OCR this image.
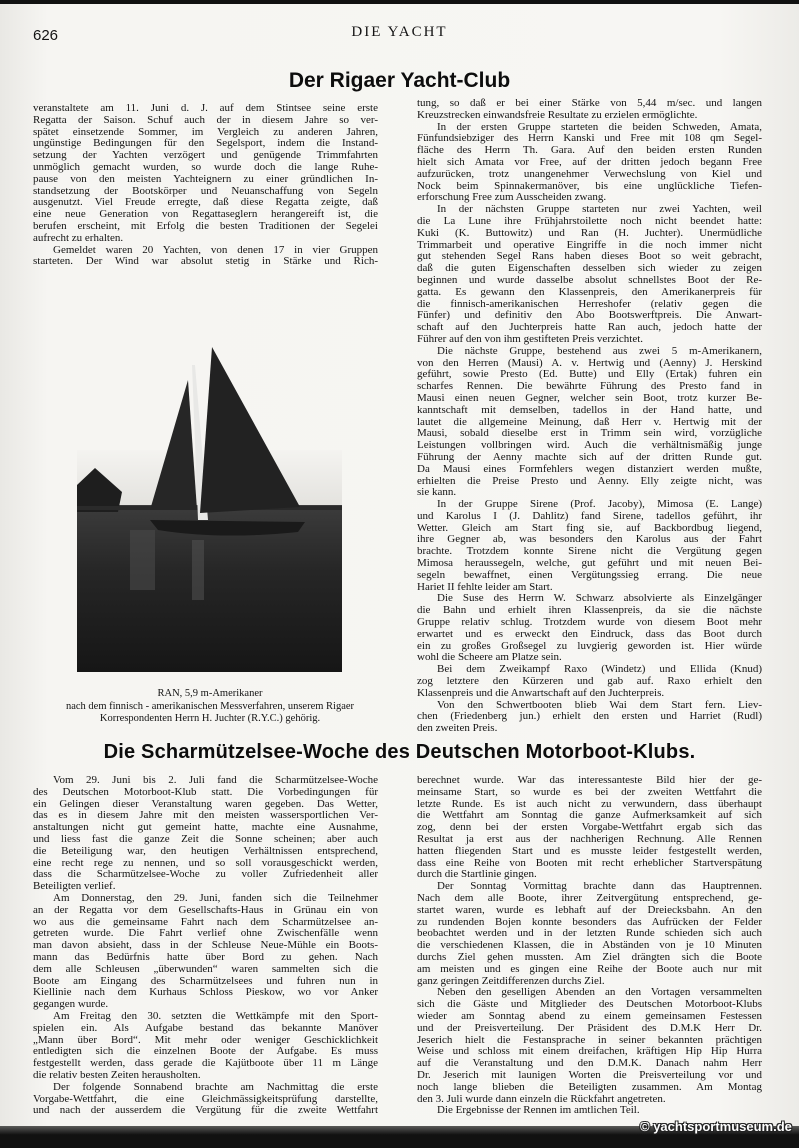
626	DIE YACHT
Der Rigaer Yacht-Club
veranstaltete am 11. Juni d. J. auf dem Stintsee seine erste
Regatta der Saison. Schuf auch der in diesem Jahre so ver-
spätet einsetzende Sommer, im Vergleich zu anderen Jahren,
ungünstige Bedingungen für den Segelsport, indem die Instand-
setzung der Yachten verzögert und genügende Trimmfahrten
unmöglich gemacht wurden, so wurde doch die lange Ruhe-
pause von den meisten Yachteignern zu einer gründlichen In-
standsetzung der Bootskörper und Neuanschaffung von Segeln
ausgenutzt. Viel Freude erregte, daß diese Regatta zeigte, daß
eine neue Generation von Regattaseglern herangereift ist, die
berufen erscheint, mit Erfolg die besten Traditionen der Segelei
aufrecht zu erhalten.
Gemeldet waren 20 Yachten, von denen 17 in vier Gruppen
starteten. Der Wind war absolut stetig in Stärke und Rich-
tung, so daß er bei einer Stärke von 5,44 m/sec. und langen
Kreuzstrecken einwandsfreie Resultate zu erzielen ermöglichte.
In der ersten Gruppe starteten die beiden Schweden, Amata,
Fünfundsiebziger des Herrn Kanski und Free mit 108 qm Segel-
fläche des Herrn Th. Gara. Auf den beiden ersten Runden
hielt sich Amata vor Free, auf der dritten jedoch begann Free
aufzurücken, trotz unangenehmer Verwechslung von Kiel und
Nock beim Spinnakermanöver, bis eine unglückliche Tiefen-
erforschung Free zum Ausscheiden zwang.
In der nächsten Gruppe starteten nur zwei Yachten, weil
die La Lune ihre Frühjahrstoilette noch nicht beendet hatte:
Kuki (K. Buttowitz) und Ran (H. Juchter). Unermüdliche
Trimmarbeit und operative Eingriffe in die noch immer nicht
gut stehenden Segel Rans haben dieses Boot so weit gebracht,
daß die guten Eigenschaften desselben sich wieder zu zeigen
beginnen und wurde dasselbe absolut schnellstes Boot der Re-
gatta. Es gewann den Klassenpreis, den Amerikanerpreis für
die finnisch-amerikanischen Herreshofer (relativ gegen die
Fünfer) und definitiv den Abo Bootswerftpreis. Die Anwart-
schaft auf den Juchterpreis hatte Ran auch, jedoch hatte der
Führer auf den von ihm gestifteten Preis verzichtet.
Die nächste Gruppe, bestehend aus zwei 5 m-Amerikanern,
von den Herren (Mausi) A. v. Hertwig und (Aenny) J. Herskind
geführt, sowie Presto (Ed. Butte) und Elly (Ertak) fuhren ein
scharfes Rennen. Die bewährte Führung des Presto fand in
Mausi einen neuen Gegner, welcher sein Boot, trotz kurzer Be-
kanntschaft mit demselben, tadellos in der Hand hatte, und
lautet die allgemeine Meinung, daß Herr v. Hertwig mit der
Mausi, sobald dieselbe erst in Trimm sein wird, vorzügliche
Leistungen vollbringen wird. Auch die verhältnismäßig junge
Führung der Aenny machte sich auf der dritten Runde gut.
Da Mausi eines Formfehlers wegen distanziert werden mußte,
erhielten die Preise Presto und Aenny. Elly zeigte nicht, was
sie kann.
In der Gruppe Sirene (Prof. Jacoby), Mimosa (E. Lange)
und Karolus I (J. Dahlitz) fand Sirene, tadellos geführt, ihr
Wetter. Gleich am Start fing sie, auf Backbordbug liegend,
ihre Gegner ab, was besonders den Karolus aus der Fahrt
brachte. Trotzdem konnte Sirene nicht die Vergütung gegen
Mimosa heraussegeln, welche, gut geführt und mit neuen Bei-
segeln bewaffnet, einen Vergütungssieg errang. Die neue
Hariet II fehlte leider am Start.
Die Suse des Herrn W. Schwarz absolvierte als Einzelgänger
die Bahn und erhielt ihren Klassenpreis, da sie die nächste
Gruppe relativ schlug. Trotzdem wurde von diesem Boot mehr
erwartet und es erweckt den Eindruck, dass das Boot durch
ein zu großes Großsegel zu luvgierig geworden ist. Hier würde
wohl die Scheere am Platze sein.
Bei dem Zweikampf Raxo (Windetz) und Ellida (Knud)
zog letztere den Kürzeren und gab auf. Raxo erhielt den
Klassenpreis und die Anwartschaft auf den Juchterpreis.
Von den Schwertbooten blieb Wai dem Start fern. Liev-
chen (Friedenberg jun.) erhielt den ersten und Harriet (Rudl)
den zweiten Preis.
RAN, 5,9 m-Amerikaner
nach dem finnisch - amerikanischen Messverfahren, unserem Rigaer
Korrespondenten Herrn H. Juchter (R.Y.C.) gehörig.
Die Scharmützelsee-Woche des Deutschen Motorboot-Klubs.
Vom 29. Juni bis 2. Juli fand die Scharmützelsee-Woche
des Deutschen Motorboot-Klub statt. Die Vorbedingungen für
ein Gelingen dieser Veranstaltung waren gegeben. Das Wetter,
das es in diesem Jahre mit den meisten wassersportlichen Ver-
anstaltungen nicht gut gemeint hatte, machte eine Ausnahme,
und liess fast die ganze Zeit die Sonne scheinen; aber auch
die Beteiligung war, den heutigen Verhältnissen entsprechend,
eine recht rege zu nennen, und so soll vorausgeschickt werden,
dass die Scharmützelsee-Woche zu voller Zufriedenheit aller
Beteiligten verlief.
Am Donnerstag, den 29. Juni, fanden sich die Teilnehmer
an der Regatta vor dem Gesellschafts-Haus in Grünau ein von
wo aus die gemeinsame Fahrt nach dem Scharmützelsee an-
getreten wurde. Die Fahrt verlief ohne Zwischenfälle wenn
man davon absieht, dass in der Schleuse Neue-Mühle ein Boots-
mann das Bedürfnis hatte über Bord zu gehen. Nach
dem alle Schleusen „überwunden“ waren sammelten sich die
Boote am Eingang des Scharmützelsees und fuhren nun in
Kiellinie nach dem Kurhaus Schloss Pieskow, wo vor Anker
gegangen wurde.
Am Freitag den 30. setzten die Wettkämpfe mit den Sport-
spielen ein. Als Aufgabe bestand das bekannte Manöver
„Mann über Bord“. Mit mehr oder weniger Geschicklichkeit
entledigten sich die einzelnen Boote der Aufgabe. Es muss
festgestellt werden, dass gerade die Kajütboote über 11 m Länge
die relativ besten Zeiten herausholten.
Der folgende Sonnabend brachte am Nachmittag die erste
Vorgabe-Wettfahrt, die eine Gleichmässigkeitsprüfung darstellte,
und nach der ausserdem die Vergütung für die zweite Wettfahrt
berechnet wurde. War das interessanteste Bild hier der ge-
meinsame Start, so wurde es bei der zweiten Wettfahrt die
letzte Runde. Es ist auch nicht zu verwundern, dass überhaupt
die Wettfahrt am Sonntag die ganze Aufmerksamkeit auf sich
zog, denn bei der ersten Vorgabe-Wettfahrt ergab sich das
Resultat ja erst aus der nachherigen Rechnung. Alle Rennen
hatten fliegenden Start und es musste leider festgestellt werden,
dass eine Reihe von Booten mit recht erheblicher Startverspätung
durch die Startlinie gingen.
Der Sonntag Vormittag brachte dann das Hauptrennen.
Nach dem alle Boote, ihrer Zeitvergütung entsprechend, ge-
startet waren, wurde es lebhaft auf der Dreiecksbahn. An den
zu rundenden Bojen konnte besonders das Aufrücken der Felder
beobachtet werden und in der letzten Runde schieden sich auch
die verschiedenen Klassen, die in Abständen von je 10 Minuten
durchs Ziel gehen mussten. Am Ziel drängten sich die Boote
am meisten und es gingen eine Reihe der Boote auch nur mit
ganz geringen Zeitdifferenzen durchs Ziel.
Neben den geselligen Abenden an den Vortagen versammelten
sich die Gäste und Mitglieder des Deutschen Motorboot-Klubs
wieder am Sonntag abend zu einem gemeinsamen Festessen
und der Preisverteilung. Der Präsident des D.M.K Herr Dr.
Jeserich hielt die Festansprache in seiner bekannten prächtigen
Weise und schloss mit einem dreifachen, kräftigen Hip Hip Hurra
auf die Veranstaltung und den D.M.K. Danach nahm Herr
Dr. Jeserich mit launigen Worten die Preisverteilung vor und
noch lange blieben die Beteiligten zusammen. Am Montag
den 3. Juli wurde dann einzeln die Rückfahrt angetreten.
Die Ergebnisse der Rennen im amtlichen Teil.
© yachtsportmuseum.de
